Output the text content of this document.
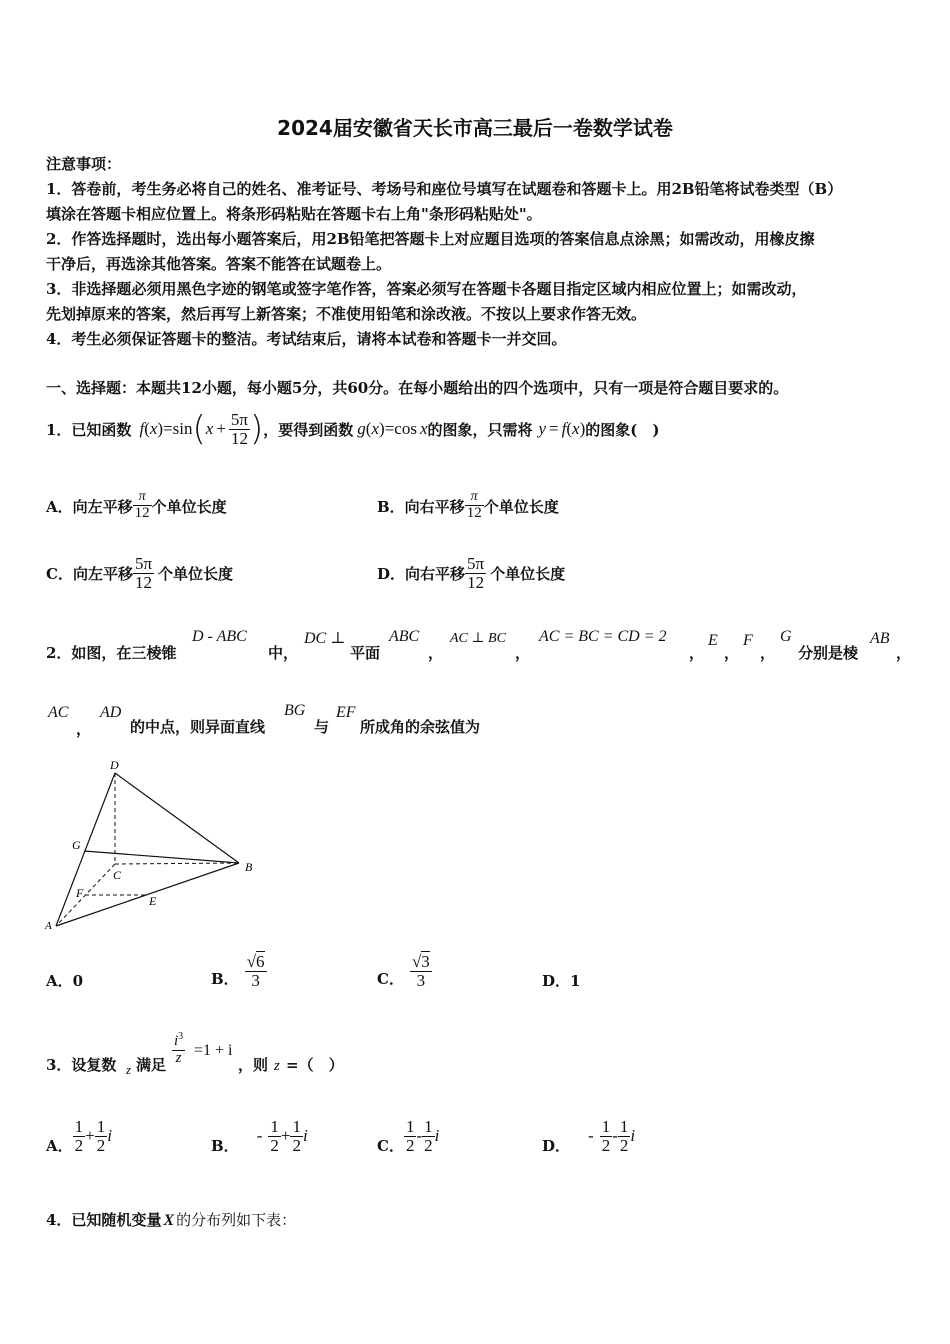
2024届安徽省天长市高三最后一卷数学试卷
注意事项：
1．答卷前，考生务必将自己的姓名、准考证号、考场号和座位号填写在试题卷和答题卡上。用2B铅笔将试卷类型（B）
填涂在答题卡相应位置上。将条形码粘贴在答题卡右上角"条形码粘贴处"。
2．作答选择题时，选出每小题答案后，用2B铅笔把答题卡上对应题目选项的答案信息点涂黑；如需改动，用橡皮擦
干净后，再选涂其他答案。答案不能答在试题卷上。
3．非选择题必须用黑色字迹的钢笔或签字笔作答，答案必须写在答题卡各题目指定区域内相应位置上；如需改动，
先划掉原来的答案，然后再写上新答案；不准使用铅笔和涂改液。不按以上要求作答无效。
4．考生必须保证答题卡的整洁。考试结束后，请将本试卷和答题卡一并交回。
一、选择题：本题共12小题，每小题5分，共60分。在每小题给出的四个选项中，只有一项是符合题目要求的。
1．已知函数 f ( x ) =sin ( $x + \frac{5\pi}{12}$ ) ，要得到函数 g ( x ) =cos x 的图象，只需将 y = f ( x ) 的图象(　)
A．向左平移 $\frac{\pi}{12}$ 个单位长度	B．向右平移 $\frac{\pi}{12}$ 个单位长度
C．向左平移 $\frac{5\pi}{12}$ 个单位长度	D．向右平移 $\frac{5\pi}{12}$ 个单位长度
2．如图，在三棱锥
D - ABC
中，
DC ⊥
平面
ABC
，
AC ⊥ BC
，
AC = BC = CD = 2
，
E
，
F
，
G
分别是棱
AB
，
AC
，
AD
的中点，则异面直线
BG
与
EF
所成角的余弦值为
D
G
C
B
F
E
A
A．0	B． $\frac{√6}{3}$	C． $\frac{√3}{3}$	D．1
3．设复数 z 满足 $\frac{i^3}{z} =1 + i$
，则 z =（　）
A． $\frac{1}{2} + \frac{1}{2}$ i
B．
- $\frac{1}{2} + \frac{1}{2}$ i
C． $\frac{1}{2} - \frac{1}{2}$ i
D．
- $\frac{1}{2} - \frac{1}{2}$ i
4．已知随机变量 X 的分布列如下表：
